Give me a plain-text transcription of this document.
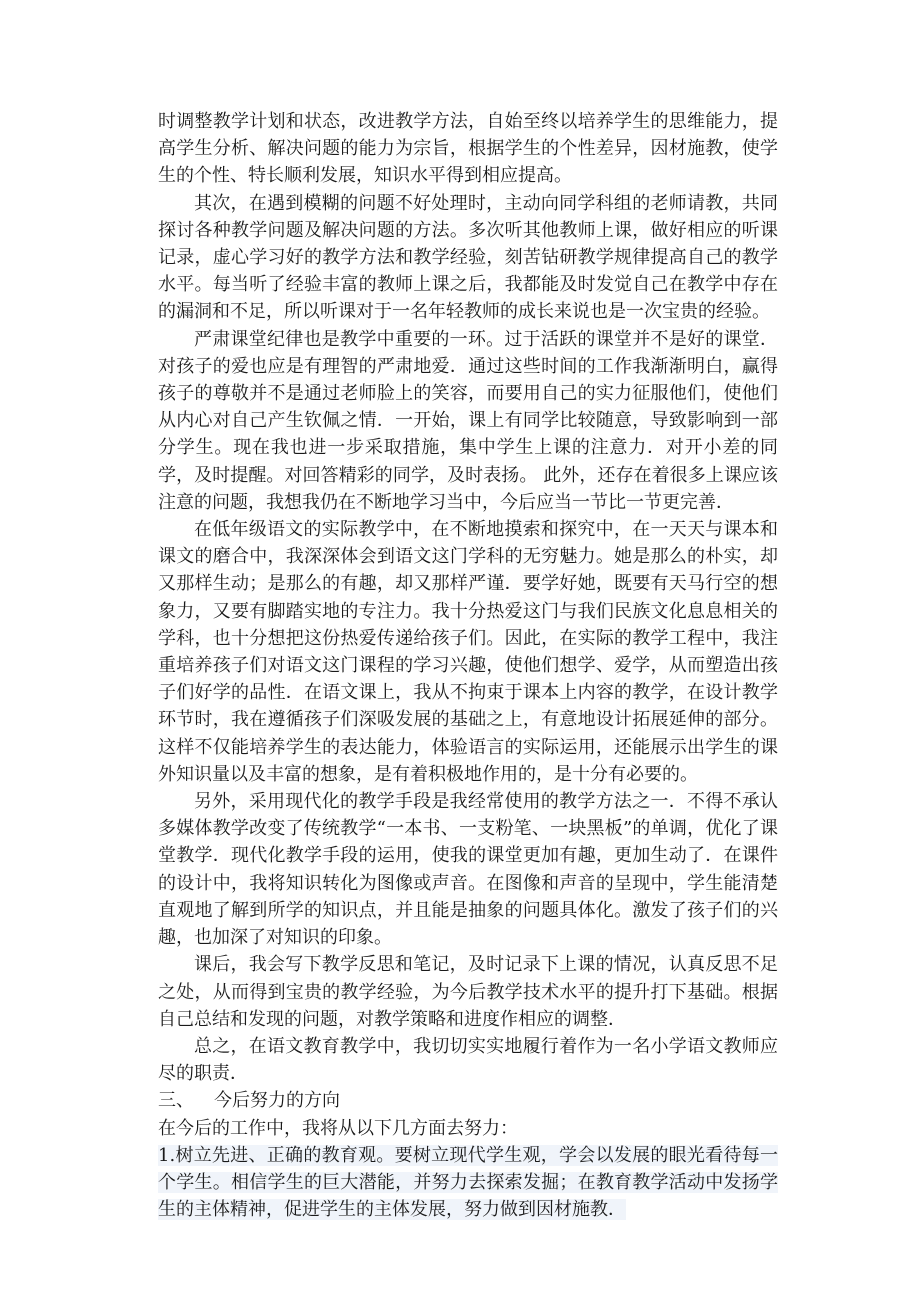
时调整教学计划和状态，改进教学方法，自始至终以培养学生的思维能力，提高学生分析、解决问题的能力为宗旨，根据学生的个性差异，因材施教，使学生的个性、特长顺利发展，知识水平得到相应提高。

其次，在遇到模糊的问题不好处理时，主动向同学科组的老师请教，共同探讨各种教学问题及解决问题的方法。多次听其他教师上课，做好相应的听课记录，虚心学习好的教学方法和教学经验，刻苦钻研教学规律提高自己的教学水平。每当听了经验丰富的教师上课之后，我都能及时发觉自己在教学中存在的漏洞和不足，所以听课对于一名年轻教师的成长来说也是一次宝贵的经验。

严肃课堂纪律也是教学中重要的一环。过于活跃的课堂并不是好的课堂．对孩子的爱也应是有理智的严肃地爱．通过这些时间的工作我渐渐明白，赢得孩子的尊敬并不是通过老师脸上的笑容，而要用自己的实力征服他们，使他们从内心对自己产生钦佩之情．一开始，课上有同学比较随意，导致影响到一部分学生。现在我也进一步采取措施，集中学生上课的注意力．对开小差的同学，及时提醒。对回答精彩的同学，及时表扬。 此外，还存在着很多上课应该注意的问题，我想我仍在不断地学习当中，今后应当一节比一节更完善．

在低年级语文的实际教学中，在不断地摸索和探究中，在一天天与课本和课文的磨合中，我深深体会到语文这门学科的无穷魅力。她是那么的朴实，却又那样生动；是那么的有趣，却又那样严谨．要学好她，既要有天马行空的想象力，又要有脚踏实地的专注力。我十分热爱这门与我们民族文化息息相关的学科，也十分想把这份热爱传递给孩子们。因此，在实际的教学工程中，我注重培养孩子们对语文这门课程的学习兴趣，使他们想学、爱学，从而塑造出孩子们好学的品性．在语文课上，我从不拘束于课本上内容的教学，在设计教学环节时，我在遵循孩子们深吸发展的基础之上，有意地设计拓展延伸的部分。这样不仅能培养学生的表达能力，体验语言的实际运用，还能展示出学生的课外知识量以及丰富的想象，是有着积极地作用的，是十分有必要的。

另外，采用现代化的教学手段是我经常使用的教学方法之一．不得不承认多媒体教学改变了传统教学“一本书、一支粉笔、一块黑板”的单调，优化了课堂教学．现代化教学手段的运用，使我的课堂更加有趣，更加生动了．在课件的设计中，我将知识转化为图像或声音。在图像和声音的呈现中，学生能清楚直观地了解到所学的知识点，并且能是抽象的问题具体化。激发了孩子们的兴趣，也加深了对知识的印象。

课后，我会写下教学反思和笔记，及时记录下上课的情况，认真反思不足之处，从而得到宝贵的教学经验，为今后教学技术水平的提升打下基础。根据自己总结和发现的问题，对教学策略和进度作相应的调整．

总之，在语文教育教学中，我切切实实地履行着作为一名小学语文教师应尽的职责．

三、 今后努力的方向

在今后的工作中，我将从以下几方面去努力：

1.树立先进、正确的教育观。要树立现代学生观，学会以发展的眼光看待每一个学生。相信学生的巨大潜能，并努力去探索发掘；在教育教学活动中发扬学生的主体精神，促进学生的主体发展，努力做到因材施教．
